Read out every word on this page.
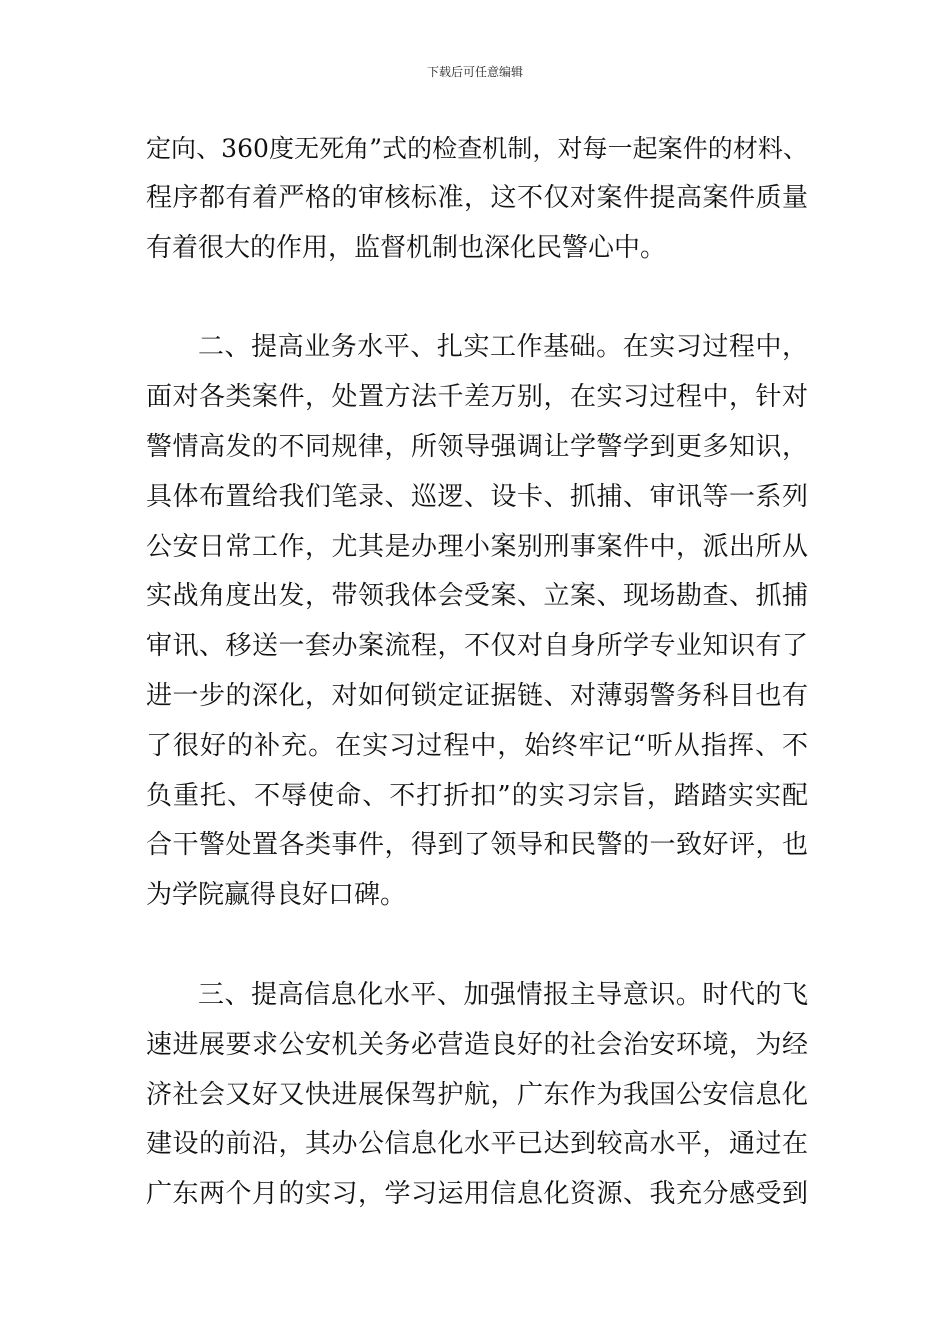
下载后可任意编辑
定向、360度无死角”式的检查机制，对每一起案件的材料、
程序都有着严格的审核标准，这不仅对案件提高案件质量
有着很大的作用，监督机制也深化民警心中。
二、提高业务水平、扎实工作基础。在实习过程中，
面对各类案件，处置方法千差万别，在实习过程中，针对
警情高发的不同规律，所领导强调让学警学到更多知识，
具体布置给我们笔录、巡逻、设卡、抓捕、审讯等一系列
公安日常工作，尤其是办理小案别刑事案件中，派出所从
实战角度出发，带领我体会受案、立案、现场勘查、抓捕
审讯、移送一套办案流程，不仅对自身所学专业知识有了
进一步的深化，对如何锁定证据链、对薄弱警务科目也有
了很好的补充。在实习过程中，始终牢记“听从指挥、不
负重托、不辱使命、不打折扣”的实习宗旨，踏踏实实配
合干警处置各类事件，得到了领导和民警的一致好评，也
为学院赢得良好口碑。
三、提高信息化水平、加强情报主导意识。时代的飞
速进展要求公安机关务必营造良好的社会治安环境，为经
济社会又好又快进展保驾护航，广东作为我国公安信息化
建设的前沿，其办公信息化水平已达到较高水平，通过在
广东两个月的实习，学习运用信息化资源、我充分感受到
